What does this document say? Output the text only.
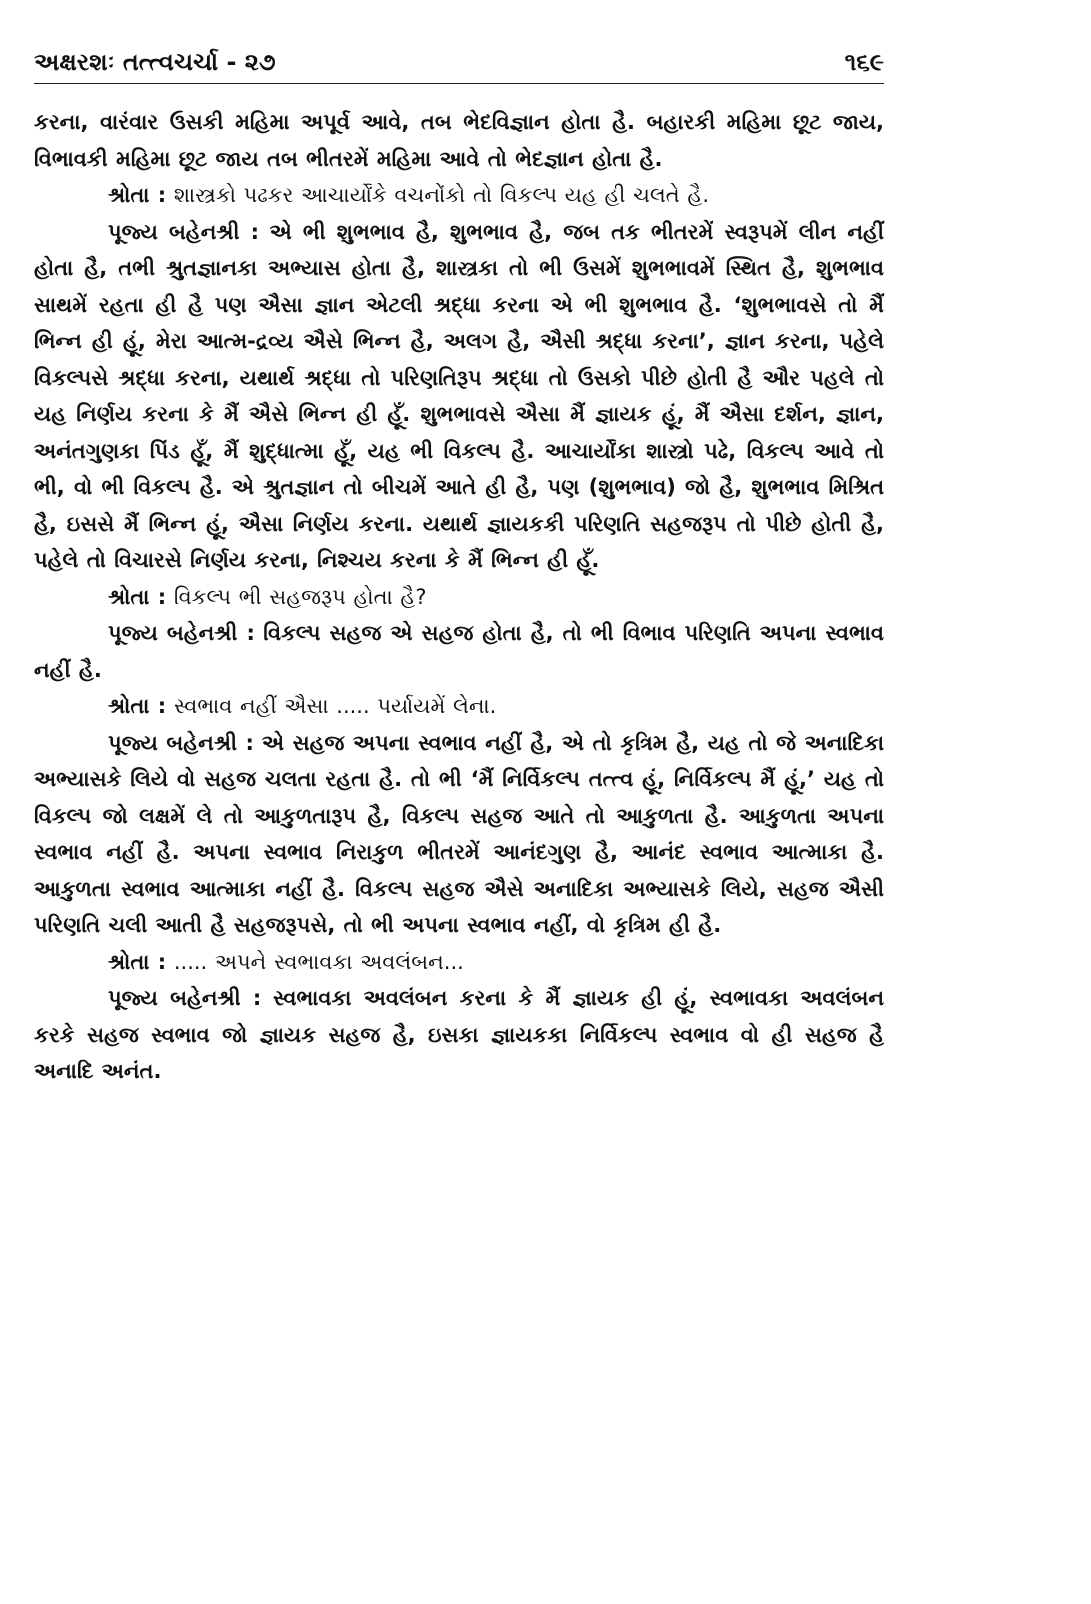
અક્ષરશઃ તત્ત્વચર્ચા - ૨૭	૧૬૯

કરના, વારંવાર ઉસકી મહિમા અપૂર્વ આવે, તબ ભેદવિજ્ઞાન હોતા હૈ. બહારકી મહિમા છૂટ જાય, વિભાવકી મહિમા છૂટ જાય તબ ભીતરમેં મહિમા આવે તો ભેદજ્ઞાન હોતા હૈ.

શ્રોતા : શાસ્ત્રકો પઢકર આચાર્યોંકે વચનોંકો તો વિકલ્પ યહ હી ચલતે હૈ.

પૂજ્ય બહેનશ્રી : એ ભી શુભભાવ હૈ, શુભભાવ હૈ, જબ તક ભીતરમેં સ્વરૂપમેં લીન નહીં હોતા હૈ, તભી શ્રુતજ્ઞાનકા અભ્યાસ હોતા હૈ, શાસ્ત્રકા તો ભી ઉસમેં શુભભાવમેં સ્થિત હૈ, શુભભાવ સાથમેં રહતા હી હૈ પણ ઐસા જ્ઞાન એટલી શ્રદ્ધા કરના એ ભી શુભભાવ હૈ. ‘શુભભાવસે તો મૈં ભિન્ન હી હૂં, મેરા આત્મ-દ્રવ્ય ઐસે ભિન્ન હૈ, અલગ હૈ, ઐસી શ્રદ્ધા કરના’, જ્ઞાન કરના, પહેલે વિકલ્પસે શ્રદ્ધા કરના, યથાર્થ શ્રદ્ધા તો પરિણતિરૂપ શ્રદ્ધા તો ઉસકો પીછે હોતી હૈ ઔર પહલે તો યહ નિર્ણય કરના કે મૈં ઐસે ભિન્ન હી હૂઁ. શુભભાવસે ઐસા મૈં જ્ઞાયક હૂં, મૈં ઐસા દર્શન, જ્ઞાન, અનંતગુણકા પિંડ હૂઁ, મૈં શુદ્ધાત્મા હૂઁ, યહ ભી વિકલ્પ હૈ. આચાર્યોંકા શાસ્ત્રો પઢે, વિકલ્પ આવે તો ભી, વો ભી વિકલ્પ હૈ. એ શ્રુતજ્ઞાન તો બીચમેં આતે હી હૈ, પણ (શુભભાવ) જો હૈ, શુભભાવ મિશ્રિત હૈ, ઇસસે મૈં ભિન્ન હૂં, ઐસા નિર્ણય કરના. યથાર્થ જ્ઞાયકકી પરિણતિ સહજરૂપ તો પીછે હોતી હૈ, પહેલે તો વિચારસે નિર્ણય કરના, નિશ્ચય કરના કે મૈં ભિન્ન હી હૂઁ.

શ્રોતા : વિકલ્પ ભી સહજરૂપ હોતા હૈ?

પૂજ્ય બહેનશ્રી : વિકલ્પ સહજ એ સહજ હોતા હૈ, તો ભી વિભાવ પરિણતિ અપના સ્વભાવ નહીં હૈ.

શ્રોતા : સ્વભાવ નહીં ઐસા ..... પર્યાયમેં લેના.

પૂજ્ય બહેનશ્રી : એ સહજ અપના સ્વભાવ નહીં હૈ, એ તો કૃત્રિમ હૈ, યહ તો જે અનાદિકા અભ્યાસકે લિયે વો સહજ ચલતા રહતા હૈ. તો ભી ‘મૈં નિર્વિકલ્પ તત્ત્વ હૂં, નિર્વિકલ્પ મૈં હૂં,’ યહ તો વિકલ્પ જો લક્ષમેં લે તો આકુળતારૂપ હૈ, વિકલ્પ સહજ આતે તો આકુળતા હૈ. આકુળતા અપના સ્વભાવ નહીં હૈ. અપના સ્વભાવ નિરાકુળ ભીતરમેં આનંદગુણ હૈ, આનંદ સ્વભાવ આત્માકા હૈ. આકુળતા સ્વભાવ આત્માકા નહીં હૈ. વિકલ્પ સહજ ઐસે અનાદિકા અભ્યાસકે લિયે, સહજ ઐસી પરિણતિ ચલી આતી હૈ સહજરૂપસે, તો ભી અપના સ્વભાવ નહીં, વો કૃત્રિમ હી હૈ.

શ્રોતા : ..... અપને સ્વભાવકા અવલંબન...

પૂજ્ય બહેનશ્રી : સ્વભાવકા અવલંબન કરના કે મૈં જ્ઞાયક હી હૂં, સ્વભાવકા અવલંબન કરકે સહજ સ્વભાવ જો જ્ઞાયક સહજ હૈ, ઇસકા જ્ઞાયકકા નિર્વિકલ્પ સ્વભાવ વો હી સહજ હૈ અનાદિ અનંત.
